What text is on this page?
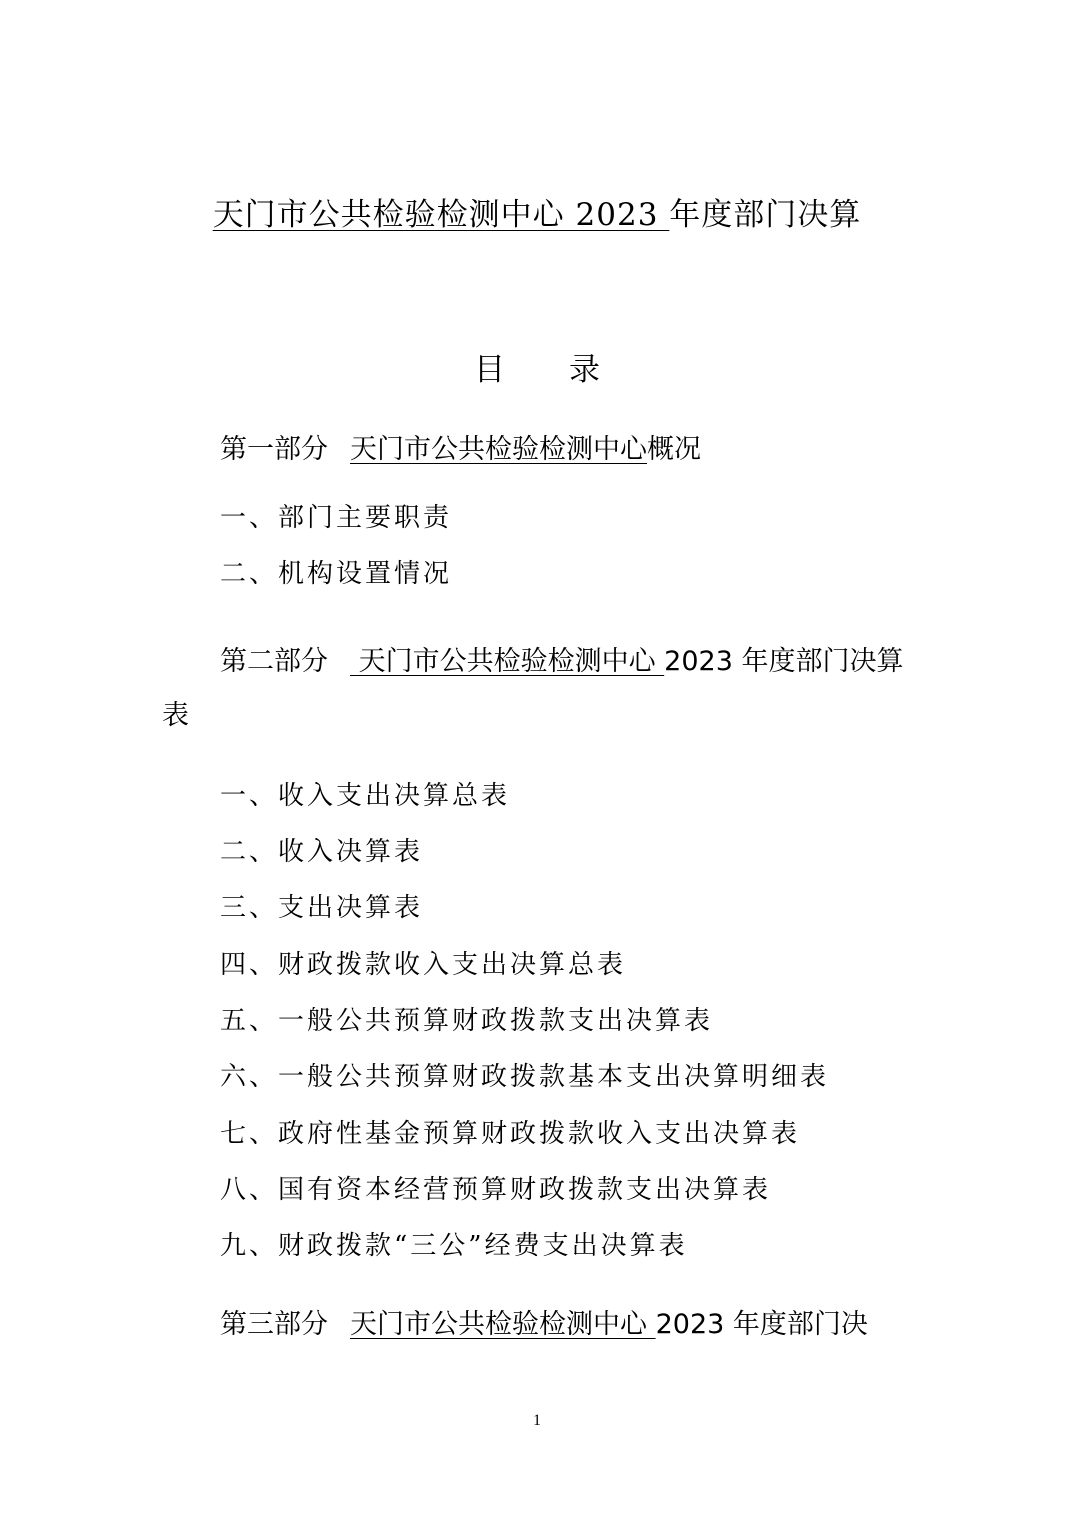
天门市公共检验检测中心 2023 年度部门决算
目 录
第一部分 天门市公共检验检测中心概况
一、部门主要职责
二、机构设置情况
第二部分 天门市公共检验检测中心 2023 年度部门决算表
一、收入支出决算总表
二、收入决算表
三、支出决算表
四、财政拨款收入支出决算总表
五、一般公共预算财政拨款支出决算表
六、一般公共预算财政拨款基本支出决算明细表
七、政府性基金预算财政拨款收入支出决算表
八、国有资本经营预算财政拨款支出决算表
九、财政拨款“三公”经费支出决算表
第三部分 天门市公共检验检测中心 2023 年度部门决
1
